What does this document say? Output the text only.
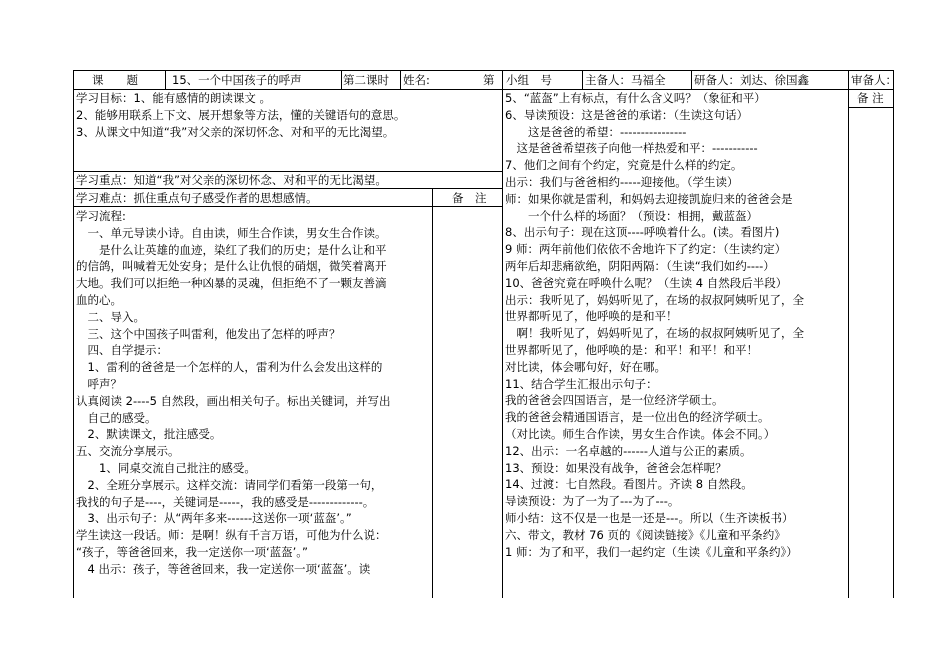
课　　题	15、一个中国孩子的呼声	第二课时 姓名:	第　小组　号	主备人：马福全 研备人：刘达、徐国鑫	审备人：
学习目标：1、能有感情的朗读课文 。
2、能够用联系上下文、展开想象等方法，懂的关键语句的意思。
3、从课文中知道“我”对父亲的深切怀念、对和平的无比渴望。
学习重点：知道“我”对父亲的深切怀念、对和平的无比渴望。
学习难点：抓住重点句子感受作者的思想感情。	备　注
备 注
学习流程:
　一、单元导读小诗。自由读，师生合作读，男女生合作读。
　　是什么让英雄的血迹，染红了我们的历史；是什么让和平
的信鸽，叫喊着无处安身；是什么让仇恨的硝烟，微笑着离开
大地。我们可以拒绝一种凶暴的灵魂，但拒绝不了一颗友善滴
血的心。
　二、导入。
　三、这个中国孩子叫雷利，他发出了怎样的呼声？
　四、自学提示：
　1、雷利的爸爸是一个怎样的人，雷利为什么会发出这样的
　呼声？
认真阅读 2----5 自然段，画出相关句子。标出关键词，并写出
　自己的感受。
　2、默读课文，批注感受。
五、交流分享展示。
　　1、同桌交流自己批注的感受。
　2、全班分享展示。这样交流：请同学们看第一段第一句，
我找的句子是----，关键词是-----，我的感受是-------------。
　3、出示句子：从“两年多来------这送你一项‘蓝盔’。”
学生读这一段话。师：是啊！纵有千言万语，可他为什么说：
“孩子，等爸爸回来，我一定送你一项‘蓝盔’。”
　4 出示：孩子，等爸爸回来，我一定送你一项‘蓝盔’。读
5、“蓝盔”上有标点，有什么含义吗？（象征和平）
6、导读预设：这是爸爸的承诺：（生读这句话）
　　这是爸爸的希望：----------------
　这是爸爸希望孩子向他一样热爱和平：-----------
7、他们之间有个约定，究竟是什么样的约定。
出示：我们与爸爸相约-----迎接他。（学生读）
师：如果你就是雷利，和妈妈去迎接凯旋归来的爸爸会是
　　一个什么样的场面？（预设：相拥，戴蓝盔）
8、出示句子：现在这顶----呼唤着什么。(读。看图片)
9 师：两年前他们依依不舍地许下了约定：（生读约定）
两年后却悲痛欲绝，阴阳两隔：（生读“我们如约----）
10、爸爸究竟在呼唤什么呢？（生读 4 自然段后半段）
出示：我听见了，妈妈听见了，在场的叔叔阿姨听见了，全
世界都听见了，他呼唤的是和平！
　啊！我听见了，妈妈听见了，在场的叔叔阿姨听见了，全
世界都听见了，他呼唤的是：和平！和平！和平！
对比读，体会哪句好，好在哪。
11、结合学生汇报出示句子：
我的爸爸会四国语言，是一位经济学硕士。
我的爸爸会精通国语言，是一位出色的经济学硕士。
（对比读。师生合作读，男女生合作读。体会不同。）
12、出示：一名卓越的------人道与公正的素质。
13、预设：如果没有战争，爸爸会怎样呢？
14、过渡：七自然段。看图片。齐读 8 自然段。
导读预设：为了一为了---为了---。
师小结：这不仅是一也是一还是---。所以（生齐读板书）
六、带文，教材 76 页的《阅读链接》《儿童和平条约》
1 师：为了和平，我们一起约定（生读《儿童和平条约》）
